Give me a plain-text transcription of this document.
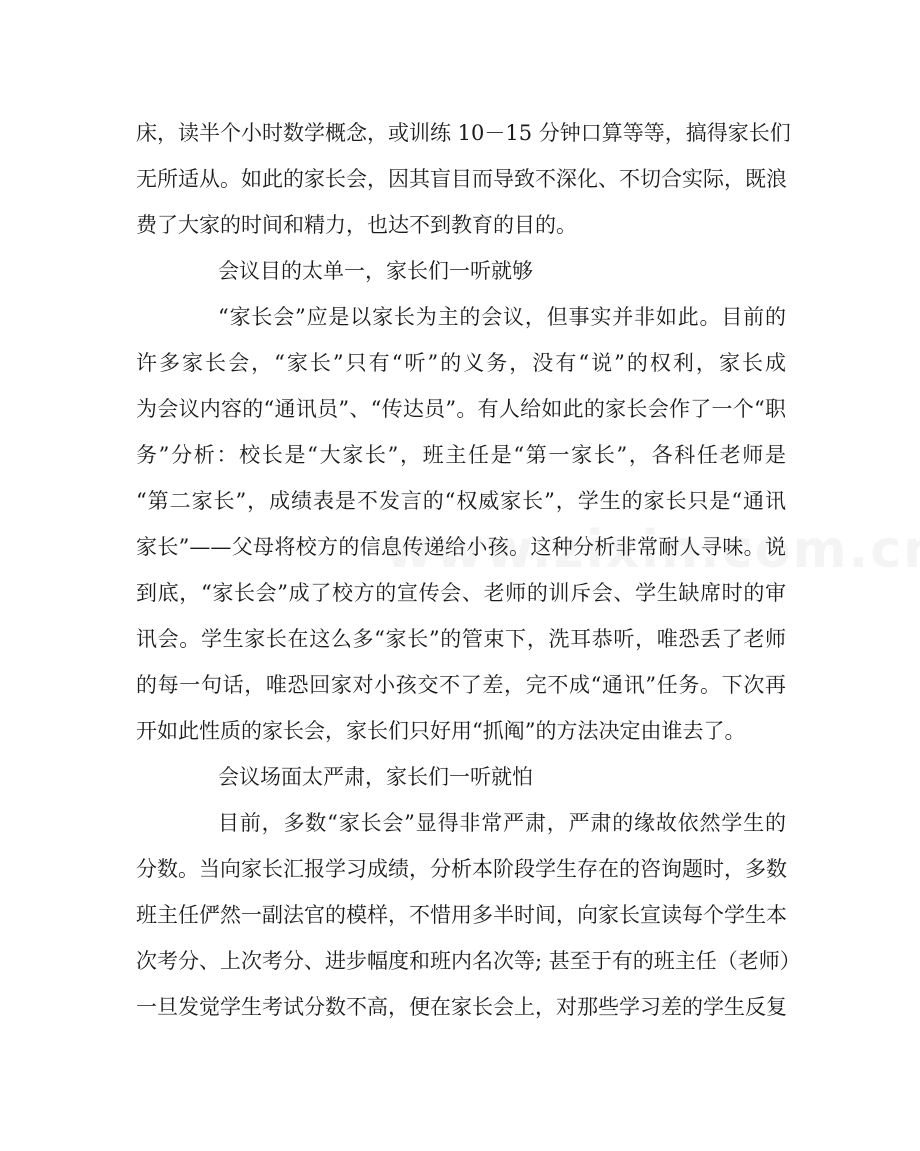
床，读半个小时数学概念，或训练 10－15 分钟口算等等，搞得家长们
无所适从。如此的家长会，因其盲目而导致不深化、不切合实际，既浪
费了大家的时间和精力，也达不到教育的目的。
会议目的太单一，家长们一听就够
“家长会”应是以家长为主的会议，但事实并非如此。目前的
许多家长会，“家长”只有“听”的义务，没有“说”的权利，家长成
为会议内容的“通讯员”、“传达员”。有人给如此的家长会作了一个“职
务”分析：校长是“大家长”，班主任是“第一家长”，各科任老师是
“第二家长”，成绩表是不发言的“权威家长”，学生的家长只是“通讯
家长”——父母将校方的信息传递给小孩。这种分析非常耐人寻味。说
到底，“家长会”成了校方的宣传会、老师的训斥会、学生缺席时的审
讯会。学生家长在这么多“家长”的管束下，洗耳恭听，唯恐丢了老师
的每一句话，唯恐回家对小孩交不了差，完不成“通讯”任务。下次再
开如此性质的家长会，家长们只好用“抓阄”的方法决定由谁去了。
会议场面太严肃，家长们一听就怕
目前，多数“家长会”显得非常严肃，严肃的缘故依然学生的
分数。当向家长汇报学习成绩，分析本阶段学生存在的咨询题时，多数
班主任俨然一副法官的模样，不惜用多半时间，向家长宣读每个学生本
次考分、上次考分、进步幅度和班内名次等; 甚至于有的班主任（老师）
一旦发觉学生考试分数不高，便在家长会上，对那些学习差的学生反复
